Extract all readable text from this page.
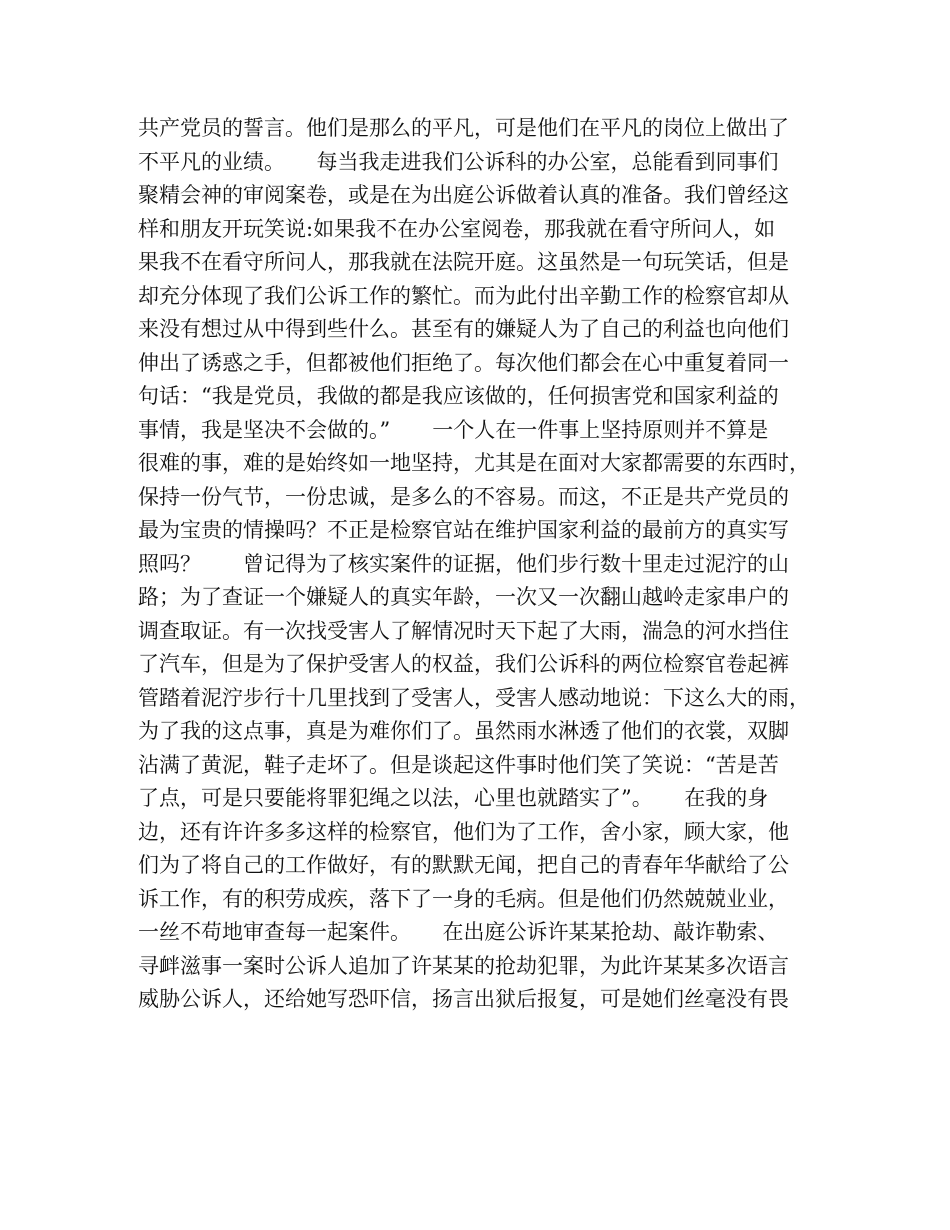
共产党员的誓言。他们是那么的平凡，可是他们在平凡的岗位上做出了
不平凡的业绩。　　每当我走进我们公诉科的办公室，总能看到同事们
聚精会神的审阅案卷，或是在为出庭公诉做着认真的准备。我们曾经这
样和朋友开玩笑说:如果我不在办公室阅卷，那我就在看守所问人，如
果我不在看守所问人，那我就在法院开庭。这虽然是一句玩笑话，但是
却充分体现了我们公诉工作的繁忙。而为此付出辛勤工作的检察官却从
来没有想过从中得到些什么。甚至有的嫌疑人为了自己的利益也向他们
伸出了诱惑之手，但都被他们拒绝了。每次他们都会在心中重复着同一
句话：“我是党员，我做的都是我应该做的，任何损害党和国家利益的
事情，我是坚决不会做的。”　　一个人在一件事上坚持原则并不算是
很难的事，难的是始终如一地坚持，尤其是在面对大家都需要的东西时，
保持一份气节，一份忠诚，是多么的不容易。而这，不正是共产党员的
最为宝贵的情操吗？不正是检察官站在维护国家利益的最前方的真实写
照吗？　　曾记得为了核实案件的证据，他们步行数十里走过泥泞的山
路；为了查证一个嫌疑人的真实年龄，一次又一次翻山越岭走家串户的
调查取证。有一次找受害人了解情况时天下起了大雨，湍急的河水挡住
了汽车，但是为了保护受害人的权益，我们公诉科的两位检察官卷起裤
管踏着泥泞步行十几里找到了受害人，受害人感动地说：下这么大的雨，
为了我的这点事，真是为难你们了。虽然雨水淋透了他们的衣裳，双脚
沾满了黄泥，鞋子走坏了。但是谈起这件事时他们笑了笑说：“苦是苦
了点，可是只要能将罪犯绳之以法，心里也就踏实了”。　　在我的身
边，还有许许多多这样的检察官，他们为了工作，舍小家，顾大家，他
们为了将自己的工作做好，有的默默无闻，把自己的青春年华献给了公
诉工作，有的积劳成疾，落下了一身的毛病。但是他们仍然兢兢业业，
一丝不苟地审查每一起案件。　　在出庭公诉许某某抢劫、敲诈勒索、
寻衅滋事一案时公诉人追加了许某某的抢劫犯罪，为此许某某多次语言
威胁公诉人，还给她写恐吓信，扬言出狱后报复，可是她们丝毫没有畏
